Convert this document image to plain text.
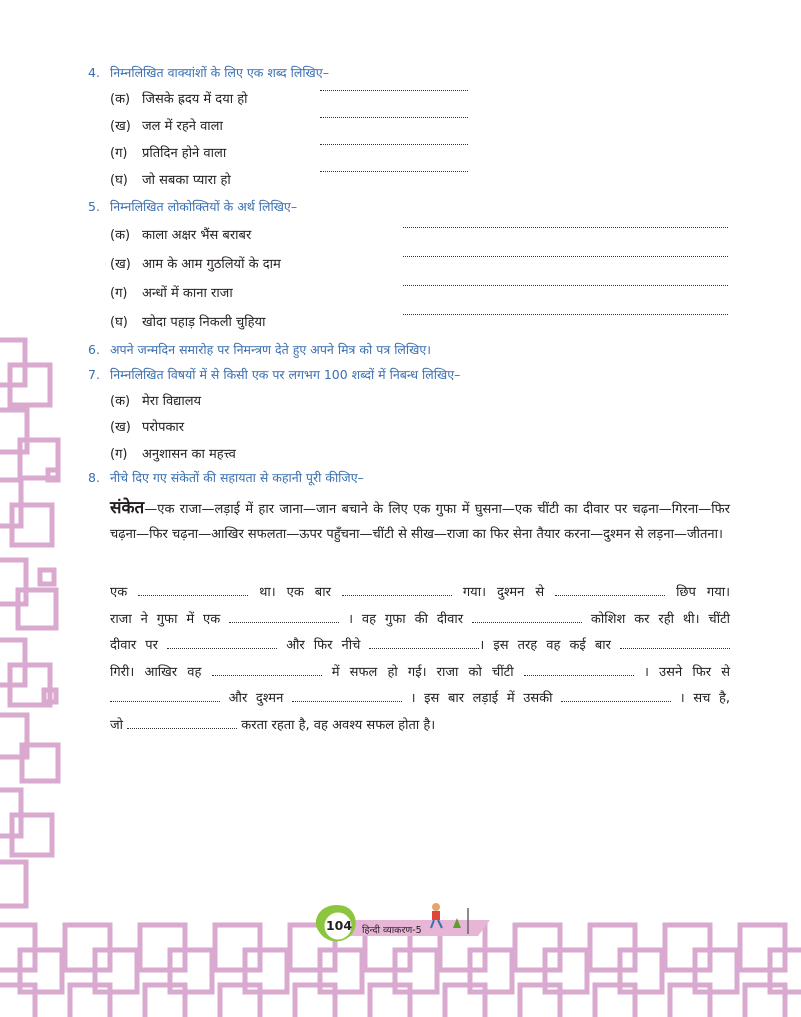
4. निम्नलिखित वाक्यांशों के लिए एक शब्द लिखिए–
(क) जिसके ह्रदय में दया हो
(ख) जल में रहने वाला
(ग) प्रतिदिन होने वाला
(घ) जो सबका प्यारा हो
5. निम्नलिखित लोकोक्तियों के अर्थ लिखिए–
(क) काला अक्षर भैंस बराबर
(ख) आम के आम गुठलियों के दाम
(ग) अन्धों में काना राजा
(घ) खोदा पहाड़ निकली चुहिया
6. अपने जन्मदिन समारोह पर निमन्त्रण देते हुए अपने मित्र को पत्र लिखिए।
7. निम्नलिखित विषयों में से किसी एक पर लगभग 100 शब्दों में निबन्ध लिखिए–
(क) मेरा विद्यालय
(ख) परोपकार
(ग) अनुशासन का महत्त्व
8. नीचे दिए गए संकेतों की सहायता से कहानी पूरी कीजिए–
संकेत—एक राजा—लड़ाई में हार जाना—जान बचाने के लिए एक गुफा में घुसना—एक चींटी का दीवार पर चढ़ना—गिरना—फिर चढ़ना—फिर चढ़ना—आखिर सफलता—ऊपर पहुँचना—चींटी से सीख—राजा का फिर सेना तैयार करना—दुश्मन से लड़ना—जीतना।
एक	था। एक बार	गया। दुश्मन से	छिप गया।
राजा ने गुफा में एक	। वह गुफा की दीवार	कोशिश कर रही थी। चींटी
दीवार पर	और फिर नीचे	। इस तरह वह कई बार
गिरी। आखिर वह	में सफल हो गई। राजा को चींटी	। उसने फिर से
और दुश्मन	। इस बार लड़ाई में उसकी	। सच है,
जो	करता रहता है, वह अवश्य सफल होता है।
104	हिन्दी व्याकरण-5
